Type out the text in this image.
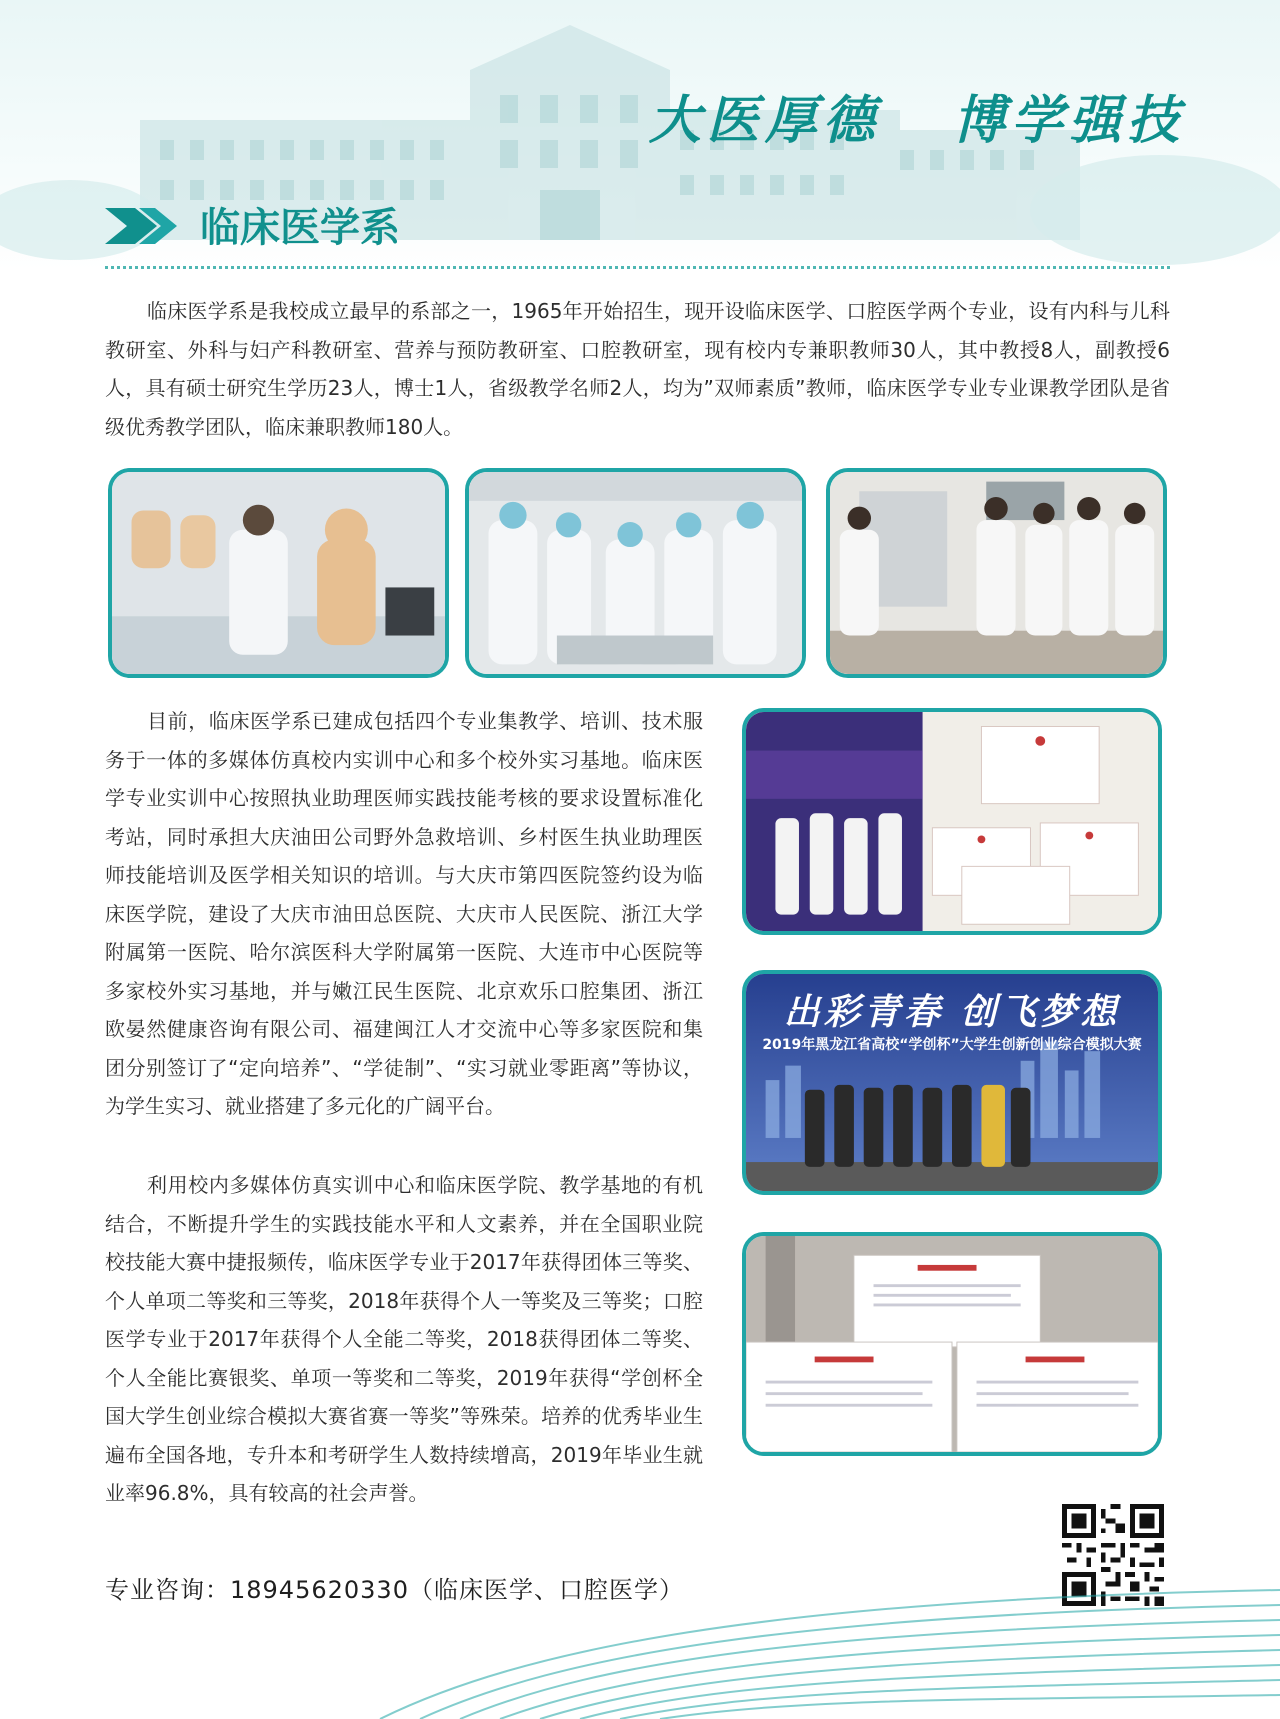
大医厚德   博学强技
临床医学系

临床医学系是我校成立最早的系部之一，1965年开始招生，现开设临床医学、口腔医学两个专业，设有内科与儿科教研室、外科与妇产科教研室、营养与预防教研室、口腔教研室，现有校内专兼职教师30人，其中教授8人，副教授6人，具有硕士研究生学历23人，博士1人，省级教学名师2人，均为”双师素质”教师，临床医学专业专业课教学团队是省级优秀教学团队，临床兼职教师180人。

目前，临床医学系已建成包括四个专业集教学、培训、技术服务于一体的多媒体仿真校内实训中心和多个校外实习基地。临床医学专业实训中心按照执业助理医师实践技能考核的要求设置标准化考站，同时承担大庆油田公司野外急救培训、乡村医生执业助理医师技能培训及医学相关知识的培训。与大庆市第四医院签约设为临床医学院，建设了大庆市油田总医院、大庆市人民医院、浙江大学附属第一医院、哈尔滨医科大学附属第一医院、大连市中心医院等多家校外实习基地，并与嫩江民生医院、北京欢乐口腔集团、浙江欧晏然健康咨询有限公司、福建闽江人才交流中心等多家医院和集团分别签订了“定向培养”、“学徒制”、“实习就业零距离”等协议，为学生实习、就业搭建了多元化的广阔平台。

利用校内多媒体仿真实训中心和临床医学院、教学基地的有机结合，不断提升学生的实践技能水平和人文素养，并在全国职业院校技能大赛中捷报频传，临床医学专业于2017年获得团体三等奖、个人单项二等奖和三等奖，2018年获得个人一等奖及三等奖；口腔医学专业于2017年获得个人全能二等奖，2018获得团体二等奖、个人全能比赛银奖、单项一等奖和二等奖，2019年获得“学创杯全国大学生创业综合模拟大赛省赛一等奖”等殊荣。培养的优秀毕业生遍布全国各地，专升本和考研学生人数持续增高，2019年毕业生就业率96.8%，具有较高的社会声誉。

出彩青春 创飞梦想
2019年黑龙江省高校“学创杯”大学生创新创业综合模拟大赛
专业咨询：18945620330（临床医学、口腔医学）
